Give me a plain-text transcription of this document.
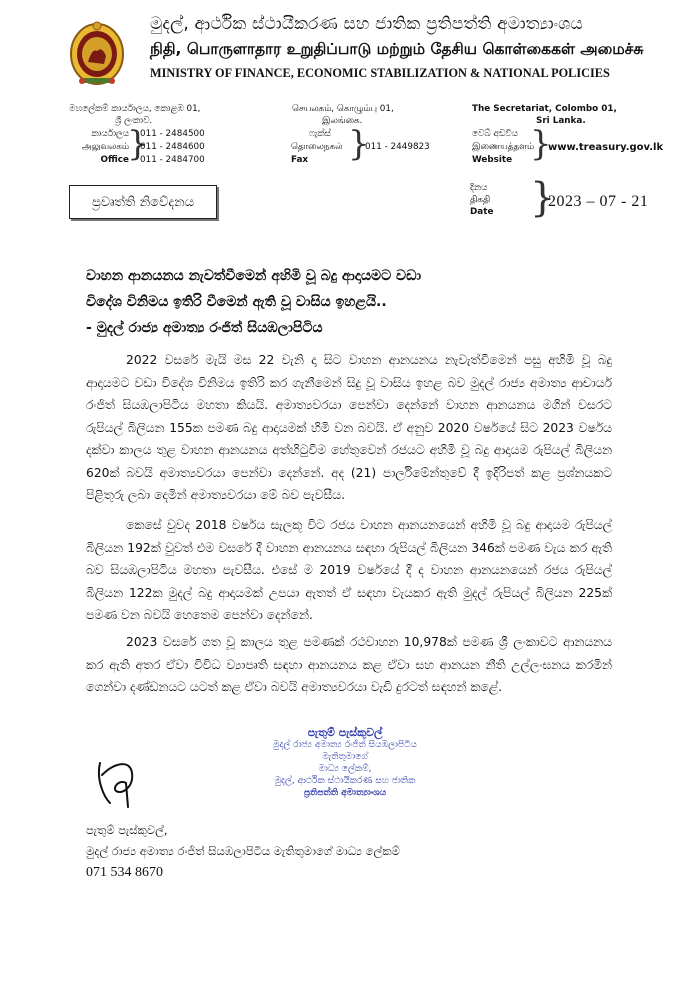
මුදල්, ආර්ථික ස්ථායීකරණ සහ ජාතික ප්‍රතිපත්ති අමාත්‍යාංශය
நிதி, பொருளாதார உறுதிப்பாடு மற்றும் தேசிய கொள்கைகள் அமைச்சு
MINISTRY OF FINANCE, ECONOMIC STABILIZATION & NATIONAL POLICIES
මහලේකම් කාර්යාලය, කොළඹ 01,
ශ්‍රී ලංකාව.
செயலகம், கொழும்பு 01,
இலங்கை.
The Secretariat, Colombo 01,
Sri Lanka.
කාර්යාලය
அலுவலகம்
Office
}
011 - 2484500
011 - 2484600
011 - 2484700
ෆැක්ස්
தொலைநகல்
Fax	}
011 - 2449823
වෙබ් අඩවිය
இணையத்தளம்
Website }
www.treasury.gov.lk
ප්‍රවෘත්ති නිවේදනය
දිනය
திகதி
Date }
2023 – 07 - 21
වාහන ආනයනය නැවත්වීමෙන් අහිමි වූ බදු ආදායමට වඩා
විදේශ විනිමය ඉතිරි වීමෙන් ඇති වූ වාසිය ඉහළයි..
- මුදල් රාජ්‍ය අමාත්‍ය රංජිත් සියඹලාපිටිය
2022 වසරේ මැයි මස 22 වැනි දා සිට වාහන ආනයනය නැවැත්වීමෙන් පසු අහිමි වූ බදු ආදායමට වඩා විදේශ විනිමය ඉතිරි කර ගැනීමෙන් සිදු වූ වාසිය ඉහළ බව මුදල් රාජ්‍ය අමාත්‍ය ආචාර්ය රංජිත් සියඹලාපිටිය මහතා කියයි. අමාත්‍යවරයා පෙන්වා දෙන්නේ වාහන ආනයනය මගින් වසරට රුපියල් බිලියන 155ක පමණ බදු ආදායමක් හිමි වන බවයි. ඒ අනුව 2020 වර්ෂයේ සිට 2023 වර්ෂය දක්වා කාලය තුළ වාහන ආනයනය අත්හිටුවීම හේතුවෙන් රජයට අහිමි වූ බදු ආදායම රුපියල් බිලියන 620ක් බවයි අමාත්‍යවරයා පෙන්වා දෙන්නේ. අද (21) පාර්ලිමේන්තුවේ දී ඉදිරිපත් කළ ප්‍රශ්නයකට පිළිතුරු ලබා දෙමින් අමාත්‍යවරයා මේ බව පැවසීය.
කෙසේ වුවද 2018 වර්ෂය සැලකූ විට රජය වාහන ආනයනයෙන් අහිමි වූ බදු ආදායම රුපියල් බිලියන 192ක් වුවත් එම වසරේ දී වාහන ආනයනය සඳහා රුපියල් බිලියන 346ක් පමණ වැය කර ඇති බව සියඹලාපිටිය මහතා පැවසීය. එසේ ම 2019 වර්ෂයේ දී ද වාහන ආනයනයෙන් රජය රුපියල් බිලියන 122ක මුදල් බදු ආදායමක් උපයා ඇතත් ඒ සඳහා වැයකර ඇති මුදල් රුපියල් බිලියන 225ක් පමණ වන බවයි හෙතෙම පෙන්වා දෙන්නේ.
2023 වසරේ ගත වූ කාලය තුළ පමණක් රථවාහන 10,978ක් පමණ ශ්‍රී ලංකාවට ආනයනය කර ඇති අතර ඒවා විවිධ ව්‍යාපෘති සඳහා ආනයනය කළ ඒවා සහ ආනයන නීති උල්ලංඝනය කරමින් ගෙන්වා දණ්ඩනයට යටත් කළ ඒවා බවයි අමාත්‍යවරයා වැඩි දුරටත් සඳහන් කළේ.
පැතුම් පැස්කුවල්
මුදල් රාජ්‍ය අමාත්‍ය රංජිත් සියඹලාපිටිය
මැතිතුමාගේ
මාධ්‍ය ලේකම්,
මුදල්, ආර්ථික ස්ථායීකරණ සහ ජාතික
ප්‍රතිපත්ති අමාත්‍යාංශය
පැතුම් පැස්කුවල්,
මුදල් රාජ්‍ය අමාත්‍ය රංජිත් සියඹලාපිටිය මැතිතුමාගේ මාධ්‍ය ලේකම්
071 534 8670
